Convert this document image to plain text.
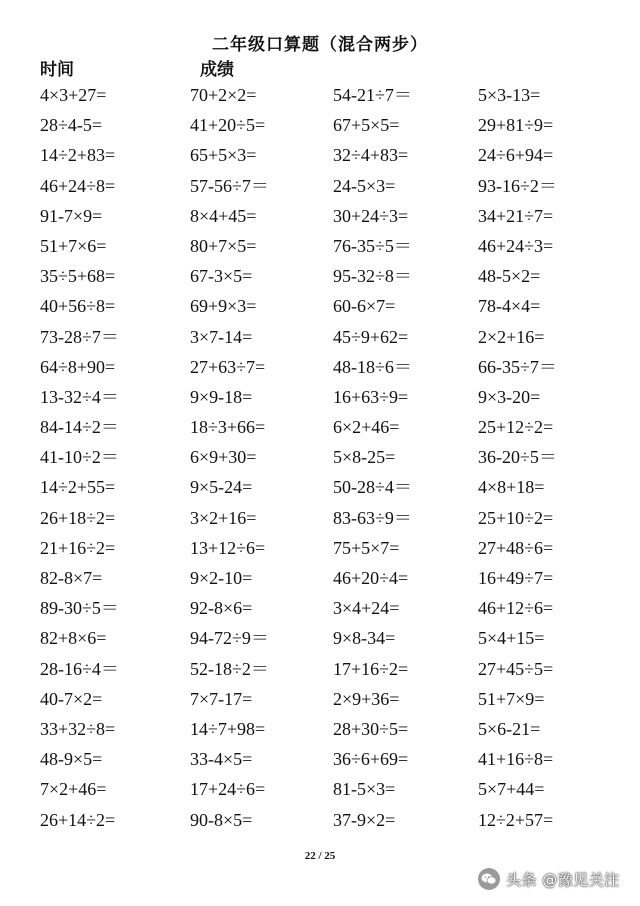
二年级口算题（混合两步）
时间	成绩
4×3+27=
28÷4-5=
14÷2+83=
46+24÷8=
91-7×9=
51+7×6=
35÷5+68=
40+56÷8=
73-28÷7＝
64÷8+90=
13-32÷4＝
84-14÷2＝
41-10÷2＝
14÷2+55=
26+18÷2=
21+16÷2=
82-8×7=
89-30÷5＝
82+8×6=
28-16÷4＝
40-7×2=
33+32÷8=
48-9×5=
7×2+46=
26+14÷2=
70+2×2=
41+20÷5=
65+5×3=
57-56÷7＝
8×4+45=
80+7×5=
67-3×5=
69+9×3=
3×7-14=
27+63÷7=
9×9-18=
18÷3+66=
6×9+30=
9×5-24=
3×2+16=
13+12÷6=
9×2-10=
92-8×6=
94-72÷9＝
52-18÷2＝
7×7-17=
14÷7+98=
33-4×5=
17+24÷6=
90-8×5=
54-21÷7＝
67+5×5=
32÷4+83=
24-5×3=
30+24÷3=
76-35÷5＝
95-32÷8＝
60-6×7=
45÷9+62=
48-18÷6＝
16+63÷9=
6×2+46=
5×8-25=
50-28÷4＝
83-63÷9＝
75+5×7=
46+20÷4=
3×4+24=
9×8-34=
17+16÷2=
2×9+36=
28+30÷5=
36÷6+69=
81-5×3=
37-9×2=
5×3-13=
29+81÷9=
24÷6+94=
93-16÷2＝
34+21÷7=
46+24÷3=
48-5×2=
78-4×4=
2×2+16=
66-35÷7＝
9×3-20=
25+12÷2=
36-20÷5＝
4×8+18=
25+10÷2=
27+48÷6=
16+49÷7=
46+12÷6=
5×4+15=
27+45÷5=
51+7×9=
5×6-21=
41+16÷8=
5×7+44=
12÷2+57=
22 / 25
头条 @豫见关注
